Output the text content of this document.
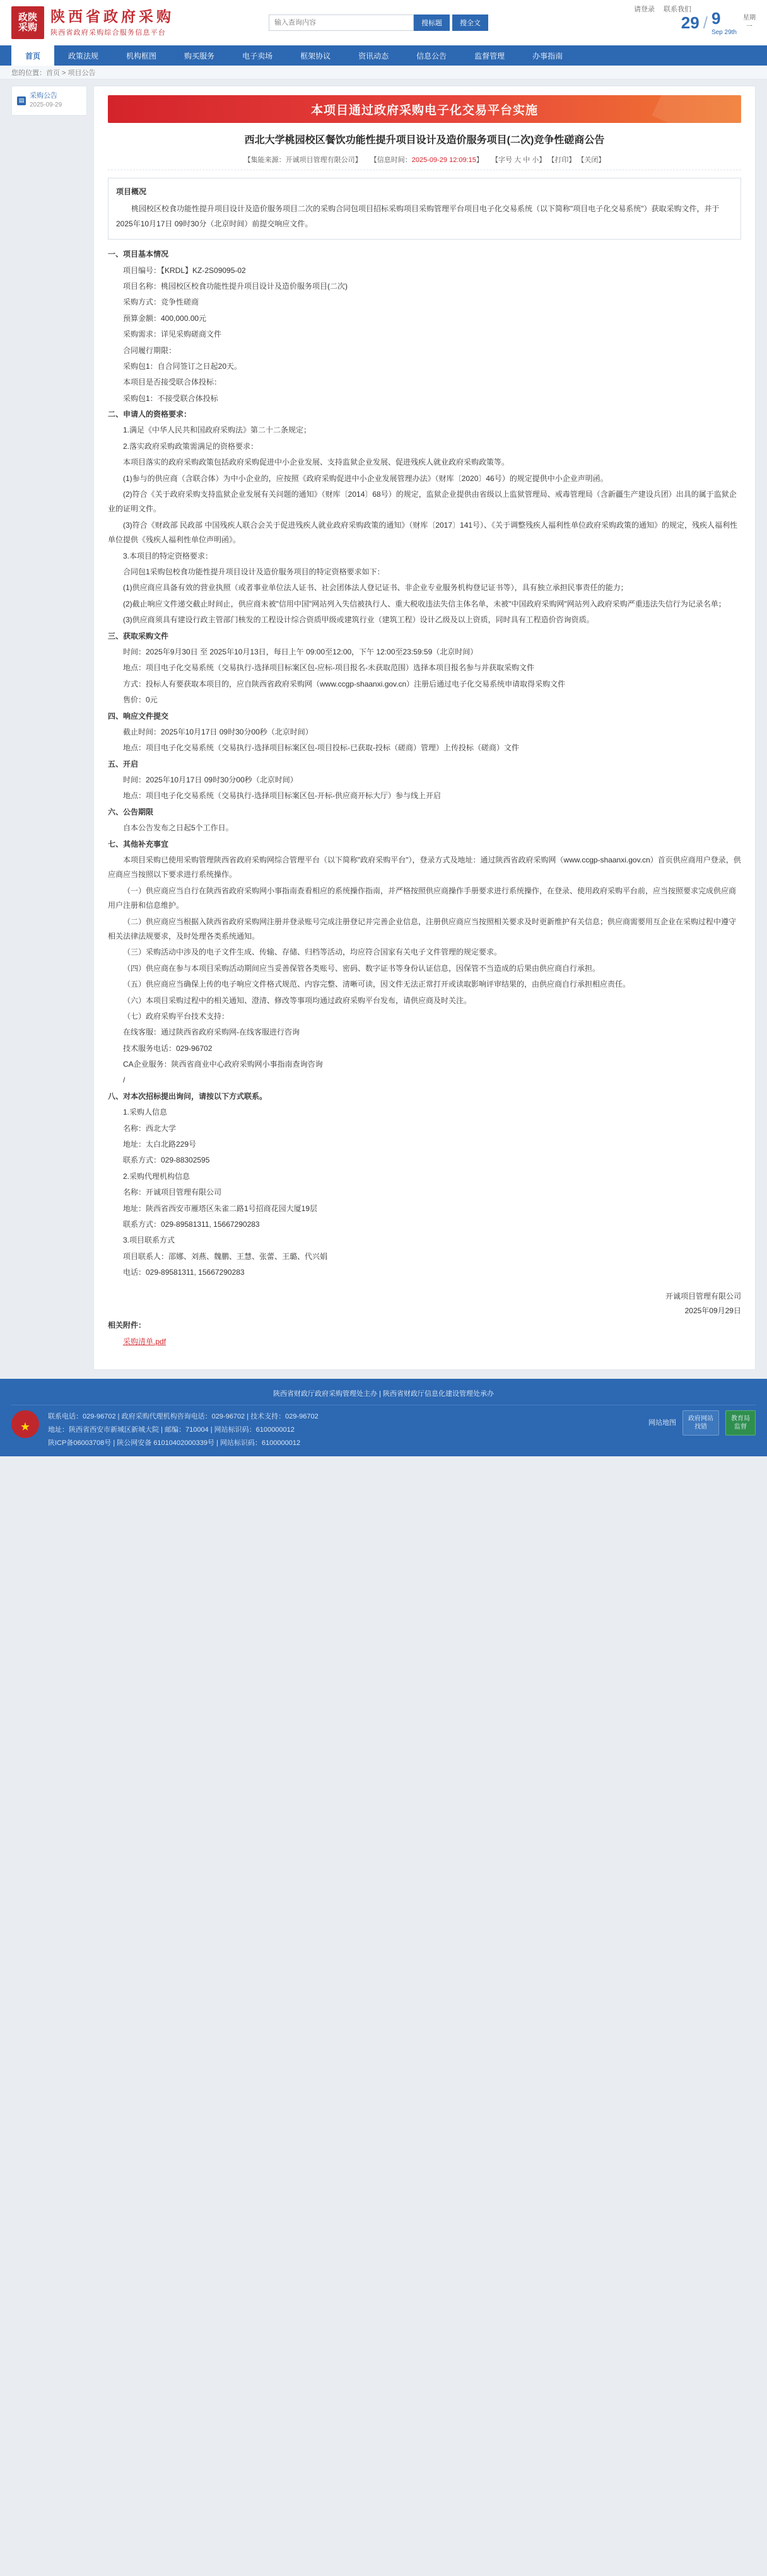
政陕
采购
陕西省政府采购
陕西省政府采购综合服务信息平台
输入查询内容
搜标题	搜全文
请登录 联系我们
29 / 9
Sep 29th
星期
一
首页	政策法规	机构框图	购买服务	电子卖场	框架协议	资讯动态	信息公告	监督管理	办事指南
您的位置：首页 > 项目公告
▤
采购公告
2025-09-29	本项目通过政府采购电子化交易平台实施
西北大学桃园校区餐饮功能性提升项目设计及造价服务项目(二次)竞争性磋商公告
【集能来源：开诚项目管理有限公司】 【信息时间：2025-09-29 12:09:15】 【字号 大 中 小】 【打印】 【关闭】
项目概况

桃园校区校食功能性提升项目设计及造价服务项目二次的采购合同包项目招标采购项目采购管理平台项目电子化交易系统（以下简称"项目电子化交易系统"）获取采购文件，并于 2025年10月17日 09时30分（北京时间）前提交响应文件。

一、项目基本情况

项目编号：【KRDL】KZ-2S09095-02

项目名称：桃园校区校食功能性提升项目设计及造价服务项目(二次)

采购方式：竞争性磋商

预算金额：400,000.00元

采购需求：详见采购磋商文件

合同履行期限：

采购包1：自合同签订之日起20天。

本项目是否接受联合体投标：

采购包1：不接受联合体投标

二、申请人的资格要求：

1.满足《中华人民共和国政府采购法》第二十二条规定；

2.落实政府采购政策需满足的资格要求：

本项目落实的政府采购政策包括政府采购促进中小企业发展、支持监狱企业发展、促进残疾人就业政府采购政策等。

(1)参与的供应商（含联合体）为中小企业的，应按照《政府采购促进中小企业发展管理办法》（财库〔2020〕46号）的规定提供中小企业声明函。

(2)符合《关于政府采购支持监狱企业发展有关问题的通知》（财库〔2014〕68号）的规定，监狱企业提供由省级以上监狱管理局、戒毒管理局（含新疆生产建设兵团）出具的属于监狱企业的证明文件。

(3)符合《财政部 民政部 中国残疾人联合会关于促进残疾人就业政府采购政策的通知》（财库〔2017〕141号）、《关于调整残疾人福利性单位政府采购政策的通知》的规定，残疾人福利性单位提供《残疾人福利性单位声明函》。

3.本项目的特定资格要求：

合同包1采购包校食功能性提升项目设计及造价服务项目的特定资格要求如下：

(1)供应商应具备有效的营业执照（或者事业单位法人证书、社会团体法人登记证书、非企业专业服务机构登记证书等），具有独立承担民事责任的能力；

(2)截止响应文件递交截止时间止，供应商未被"信用中国"网站列入失信被执行人、重大税收违法失信主体名单，未被"中国政府采购网"网站列入政府采购严重违法失信行为记录名单；

(3)供应商须具有建设行政主管部门核发的工程设计综合资质甲级或建筑行业（建筑工程）设计乙级及以上资质，同时具有工程造价咨询资质。

三、获取采购文件

时间：2025年9月30日 至 2025年10月13日，每日上午 09:00至12:00，下午 12:00至23:59:59（北京时间）

地点：项目电子化交易系统（交易执行-选择项目标案区包-应标-项目报名-未获取范围）选择本项目报名参与并获取采购文件

方式：投标人有要获取本项目的，应自陕西省政府采购网（www.ccgp-shaanxi.gov.cn）注册后通过电子化交易系统申请取得采购文件

售价：0元

四、响应文件提交

截止时间：2025年10月17日 09时30分00秒（北京时间）

地点：项目电子化交易系统（交易执行-选择项目标案区包-项目投标-已获取-投标（磋商）管理）上传投标（磋商）文件

五、开启

时间：2025年10月17日 09时30分00秒（北京时间）

地点：项目电子化交易系统（交易执行-选择项目标案区包-开标-供应商开标大厅）参与线上开启

六、公告期限

自本公告发布之日起5个工作日。

七、其他补充事宜

本项目采购已使用采购管理陕西省政府采购网综合管理平台（以下简称"政府采购平台"），登录方式及地址：通过陕西省政府采购网（www.ccgp-shaanxi.gov.cn）首页供应商用户登录，供应商应当按照以下要求进行系统操作。

（一）供应商应当自行在陕西省政府采购网小事指南查看相应的系统操作指南，并严格按照供应商操作手册要求进行系统操作，在登录、使用政府采购平台前，应当按照要求完成供应商用户注册和信息维护。

（二）供应商应当根据入陕西省政府采购网注册并登录账号完成注册登记并完善企业信息，注册供应商应当按照相关要求及时更新维护有关信息；供应商需要用互企业在采购过程中遵守相关法律法规要求，及时处理各类系统通知。

（三）采购活动中涉及的电子文件生成、传输、存储、归档等活动，均应符合国家有关电子文件管理的规定要求。

（四）供应商在参与本项目采购活动期间应当妥善保管各类账号、密码、数字证书等身份认证信息，因保管不当造成的后果由供应商自行承担。

（五）供应商应当确保上传的电子响应文件格式规范、内容完整、清晰可读，因文件无法正常打开或读取影响评审结果的，由供应商自行承担相应责任。

（六）本项目采购过程中的相关通知、澄清、修改等事项均通过政府采购平台发布，请供应商及时关注。

（七）政府采购平台技术支持：

在线客服：通过陕西省政府采购网-在线客服进行咨询

技术服务电话：029-96702

CA企业服务：陕西省商业中心政府采购网小事指南查询咨询

/

八、对本次招标提出询问，请按以下方式联系。

1.采购人信息

名称：西北大学

地址：太白北路229号

联系方式：029-88302595

2.采购代理机构信息

名称：开诚项目管理有限公司

地址：陕西省西安市雁塔区朱雀二路1号招商花园大厦19层

联系方式：029-89581311, 15667290283

3.项目联系方式

项目联系人：邵娜、刘燕、魏鹏、王慧、张蕾、王璐、代兴娟

电话：029-89581311, 15667290283

开诚项目管理有限公司
2025年09月29日

相关附件：

采购清单.pdf

陕西省财政厅政府采购管理处主办 | 陕西省财政厅信息化建设管理处承办
★
联系电话：029-96702 | 政府采购代理机构咨询电话：029-96702 | 技术支持：029-96702
地址：陕西省西安市新城区新城大院 | 邮编：710004 | 网站标识码：6100000012
陕ICP备06003708号 | 陕公网安备 61010402000339号 | 网站标识码：6100000012
网站地图
政府网站
找错
教育局
监督
